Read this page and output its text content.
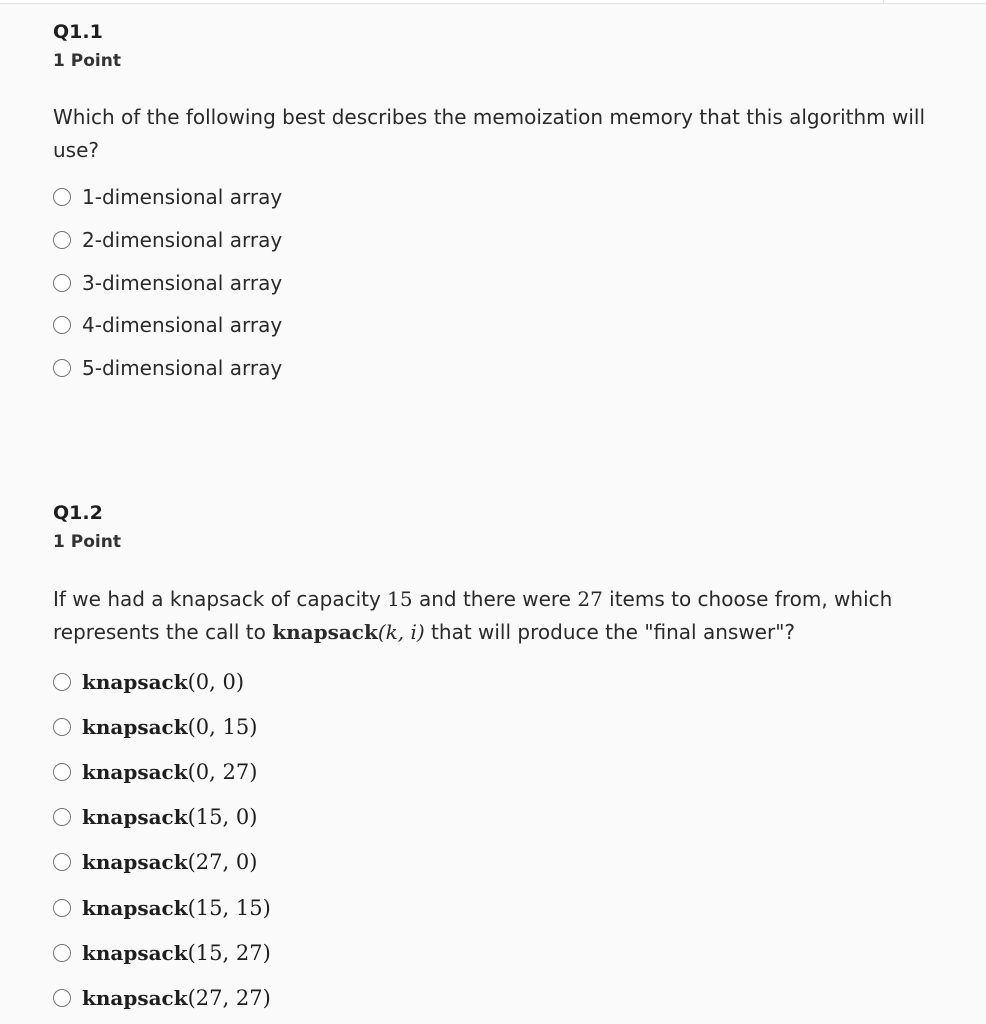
Q1.1
1 Point
Which of the following best describes the memoization memory that this algorithm will use?
1-dimensional array
2-dimensional array
3-dimensional array
4-dimensional array
5-dimensional array
Q1.2
1 Point
If we had a knapsack of capacity 15 and there were 27 items to choose from, which represents the call to knapsack(k, i) that will produce the "final answer"?
knapsack(0, 0)
knapsack(0, 15)
knapsack(0, 27)
knapsack(15, 0)
knapsack(27, 0)
knapsack(15, 15)
knapsack(15, 27)
knapsack(27, 27)
